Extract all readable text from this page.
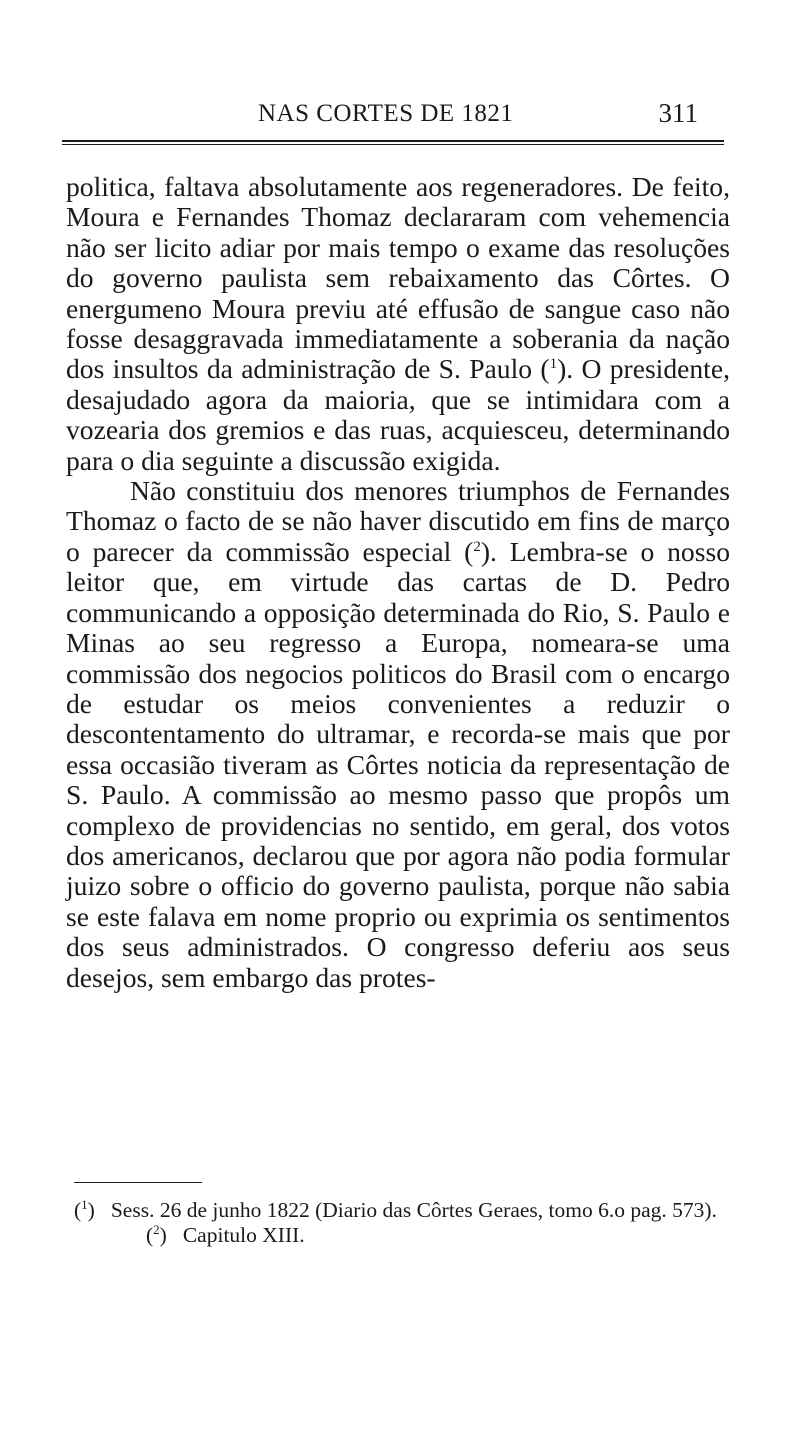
NAS CORTES DE 1821	311

politica, faltava absolutamente aos regeneradores. De feito, Moura e Fernandes Thomaz declararam com vehemencia não ser licito adiar por mais tempo o exame das resoluções do governo paulista sem rebaixamento das Côrtes. O energumeno Moura previu até effusão de sangue caso não fosse desaggravada immediatamente a soberania da nação dos insultos da administração de S. Paulo ($^1$). O presidente, desajudado agora da maioria, que se intimidara com a vozearia dos gremios e das ruas, acquiesceu, determinando para o dia seguinte a discussão exigida.

Não constituiu dos menores triumphos de Fernandes Thomaz o facto de se não haver discutido em fins de março o parecer da commissão especial ($^2$). Lembra-se o nosso leitor que, em virtude das cartas de D. Pedro communicando a opposição determinada do Rio, S. Paulo e Minas ao seu regresso a Europa, nomeara-se uma commissão dos negocios politicos do Brasil com o encargo de estudar os meios convenientes a reduzir o descontentamento do ultramar, e recorda-se mais que por essa occasião tiveram as Côrtes noticia da representação de S. Paulo. A commissão ao mesmo passo que propôs um complexo de providencias no sentido, em geral, dos votos dos americanos, declarou que por agora não podia formular juizo sobre o officio do governo paulista, porque não sabia se este falava em nome proprio ou exprimia os sentimentos dos seus administrados. O congresso deferiu aos seus desejos, sem embargo das protes-

($^1$) Sess. 26 de junho 1822 (Diario das Côrtes Geraes, tomo 6.o pag. 573).

($^2$) Capitulo XIII.
